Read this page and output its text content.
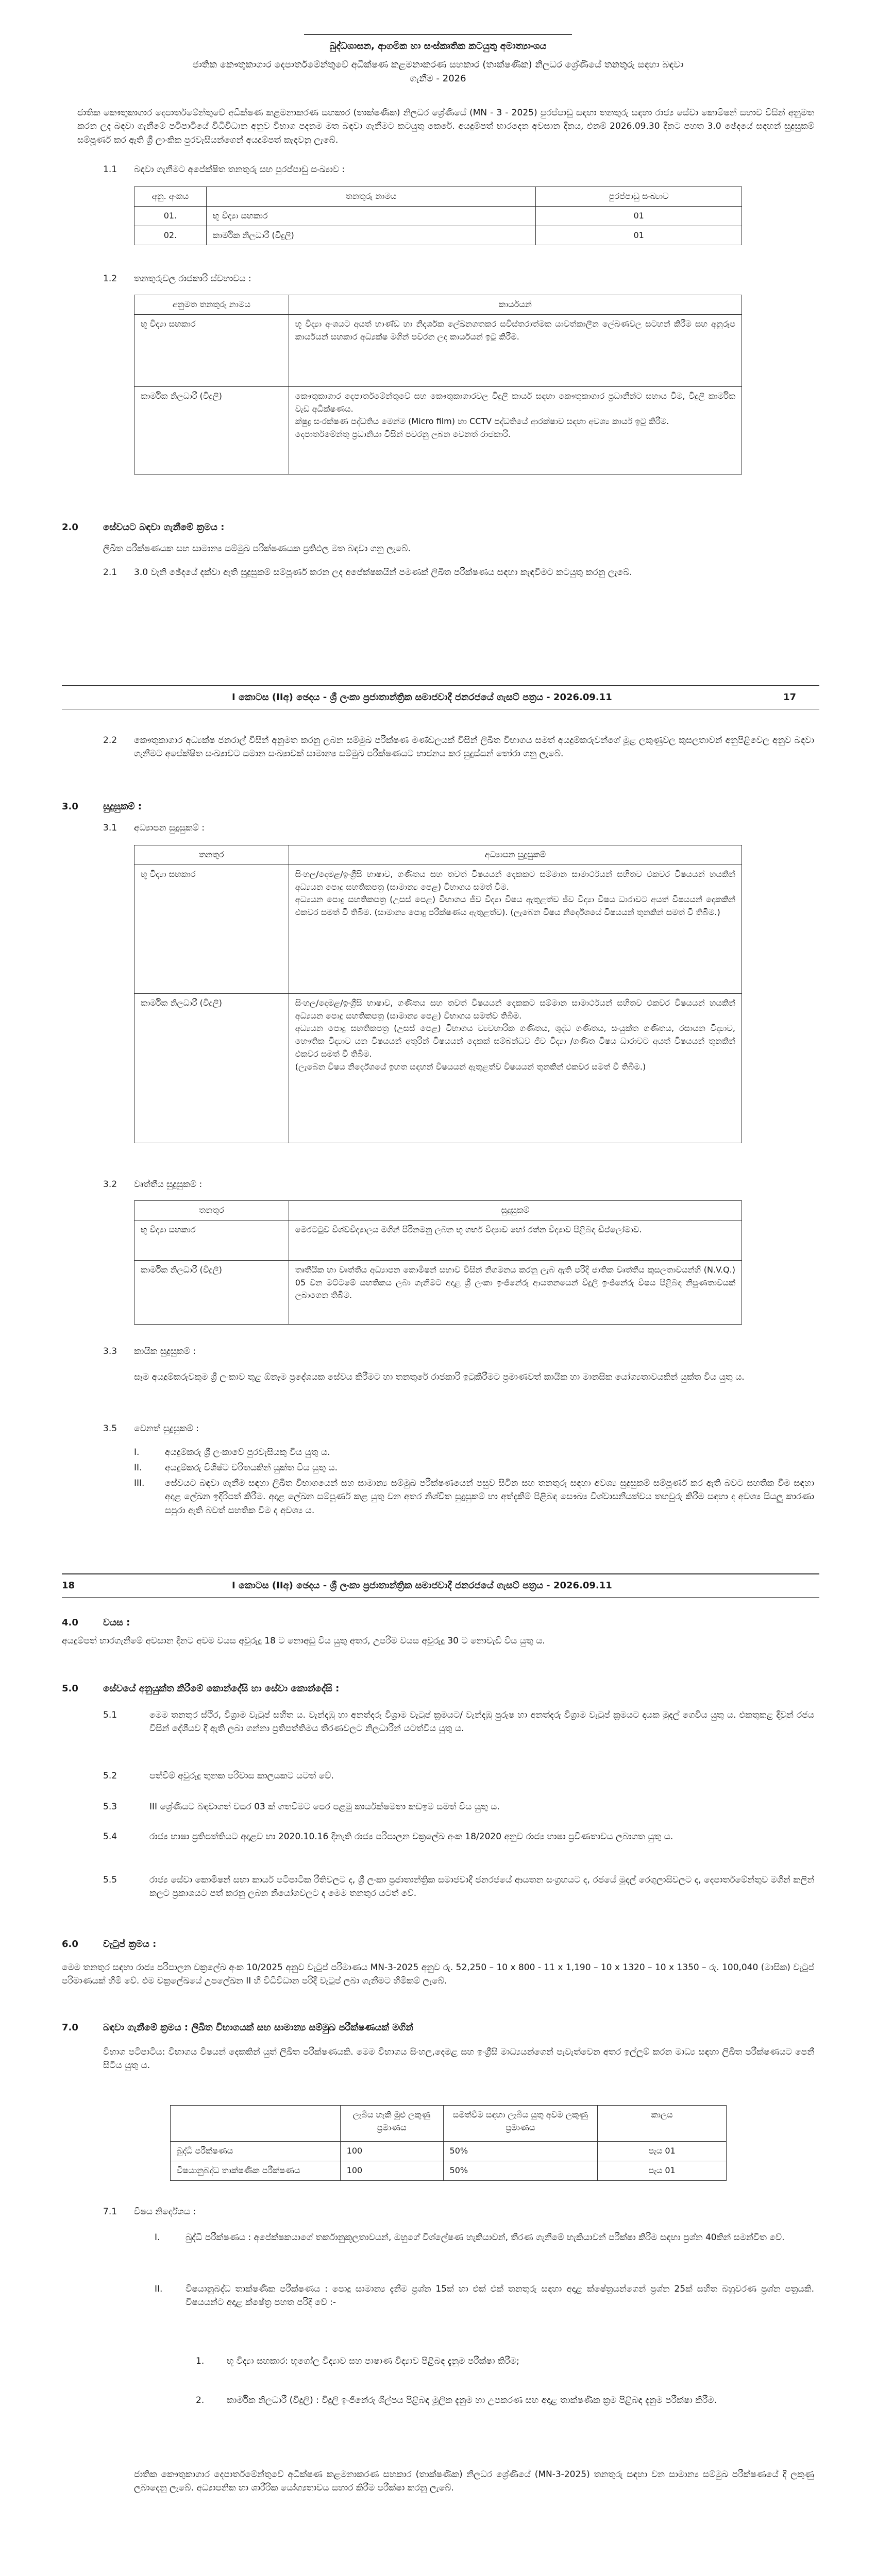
බුද්ධශාසන, ආගමික හා සංස්කෘතික කටයුතු අමාත්‍යාංශය
ජාතික කෞතුකාගාර දෙපාර්තමේන්තුවේ අධීක්ෂණ කළමනාකරණ සහකාර (තාක්ෂණික) නිලධර ශ්‍රේණියේ තනතුරු සඳහා බඳවා ගැනීම - 2026
ජාතික කෞතුකාගාර දෙපාර්තමේන්තුවේ අධීක්ෂණ කළමනාකරණ සහකාර (තාක්ෂණික) නිලධර ශ්‍රේණියේ (MN - 3 - 2025) පුරප්පාඩු සඳහා තනතුරු සඳහා රාජ්‍ය සේවා කොමිෂන් සභාව විසින් අනුමත කරන ලද බඳවා ගැනීමේ පටිපාටියේ විධිවිධාන අනුව විභාග පදනම මත බඳවා ගැනීමට කටයුතු කෙරේ. අයදුම්පත් භාරදෙන අවසාන දිනය, එනම් 2026.09.30 දිනට පහත 3.0 ඡේදයේ සඳහන් සුදුසුකම් සම්පූර්ණ කර ඇති ශ්‍රී ලාංකික පුරවැසියන්ගෙන් අයදුම්පත් කැඳවනු ලැබේ.
1.1 බඳවා ගැනීමට අපේක්ෂිත තනතුරු සහ පුරප්පාඩු සංඛ්‍යාව :
අනු. අංකය	තනතුරු නාමය	පුරප්පාඩු සංඛ්‍යාව
01.	භූ විද්‍යා සහකාර	01
02.	කාර්මික නිලධාරී (විදුලි)	01
1.2 තනතුරුවල රාජකාරි ස්වභාවය :
අනුමත තනතුරු නාමය	කාර්යයන්
භූ විද්‍යා සහකාර	භූ විද්‍යා අංශයට අයත් භාණ්ඩ හා නිදර්ශක ලේඛනගතකර සවිස්තරාත්මක යාවත්කාලීන ලේඛණවල සටහන් කිරීම සහ අනුරූප කාර්යයන් සහකාර අධ්‍යක්ෂ මගින් පවරන ලද කාර්යයන් ඉටු කිරීම.
කාර්මික නිලධාරී (විදුලි)	කෞතුකාගාර දෙපාර්තමේන්තුවේ සහ කෞතුකාගාරවල විදුලි කාර්ය සඳහා කෞතුකාගාර ප්‍රධානීන්ට සහාය වීම, විදුලි කාර්මික වැඩ අධීක්ෂණය.
ක්ෂුද්‍ර සංරක්ෂණ පද්ධතිය මෙන්ම (Micro film) හා CCTV පද්ධතියේ ආරක්ෂාව සඳහා අවශ්‍ය කාර්ය ඉටු කිරීම.
දෙපාර්තමේන්තු ප්‍රධානියා විසින් පවරනු ලබන වෙනත් රාජකාරි.
2.0	සේවයට බඳවා ගැනීමේ ක්‍රමය :
ලිඛිත පරීක්ෂණයක සහ සාමාන්‍ය සම්මුඛ පරීක්ෂණයක ප්‍රතිඵල මත බඳවා ගනු ලැබේ.
2.1 3.0 වැනි ඡේදයේ දක්වා ඇති සුදුසුකම් සම්පූර්ණ කරන ලද අපේක්ෂකයින් පමණක් ලිඛිත පරීක්ෂණය සඳහා කැඳවීමට කටයුතු කරනු ලැබේ.
I කොටස (IIඅ) ඡෙදය - ශ්‍රී ලංකා ප්‍රජාතාන්ත්‍රික සමාජවාදී ජනරජයේ ගැසට් පත්‍රය - 2026.09.11	17
2.2 කෞතුකාගාර අධ්‍යක්ෂ ජනරාල් විසින් අනුමත කරනු ලබන සම්මුඛ පරීක්ෂණ මණ්ඩලයක් විසින් ලිඛිත විභාගය සමත් අයදුම්කරුවන්ගේ මූළ ලකුණුවල කුසලතාවන් අනුපිළිවෙල අනුව බඳවා ගැනීමට අපේක්ෂිත සංඛ්‍යාවට සමාන සංඛ්‍යාවක් සාමාන්‍ය සම්මුඛ පරීක්ෂණයට භාජනය කර සුදුස්සන් තෝරා ගනු ලැබේ.
3.0	සුදුසුකම් :
3.1 අධ්‍යාපන සුදුසුකම් :
තනතුර	අධ්‍යාපන සුදුසුකම්
භූ විද්‍යා සහකාර	සිංහල/දෙමළ/ඉංග්‍රීසි භාෂාව, ගණිතය සහ තවත් විෂයයන් දෙකකට සම්මාන සාමාර්ථයන් සහිතව එකවර විෂයයන් හයකින් අධ්‍යයන පොදු සහතිකපත්‍ර (සාමාන්‍ය පෙළ) විභාගය සමත් වීම.
අධ්‍යයන පොදු සහතිකපත්‍ර (උසස් පෙළ) විභාගය ජීව විද්‍යා විෂය ඇතුළත්ව ජීව විද්‍යා විෂය ධාරාවට අයත් විෂයයන් දෙකකින් එකවර සමත් වී තිබීම. (සාමාන්‍ය පොදු පරීක්ෂණය ඇතුළත්ව). (ලැබෙන විෂය නිර්දේශයේ විෂයයන් තුනකින් සමත් වී තිබීම.)
කාර්මික නිලධාරී (විදුලි)	සිංහල/දෙමළ/ඉංග්‍රීසි භාෂාව, ගණිතය සහ තවත් විෂයයන් දෙකකට සම්මාන සාමාර්ථයන් සහිතව එකවර විෂයයන් හයකින් අධ්‍යයන පොදු සහතිකපත්‍ර (සාමාන්‍ය පෙළ) විභාගය සමත්ව තිබීම.
අධ්‍යයන පොදු සහතිකපත්‍ර (උසස් පෙළ) විභාගය ව්‍යවහාරික ගණිතය, ශුද්ධ ගණිතය, සංයුක්ත ගණිතය, රසායන විද්‍යාව, භෞතික විද්‍යාව යන විෂයයන් අතුරින් විෂයයන් දෙකක් සම්බන්ධව ජීව විද්‍යා /ගණිත විෂය ධාරාවට අයත් විෂයයන් තුනකින් එකවර සමත් වී තිබීම.
(ලැබෙන විෂය නිර්දේශයේ ඉහත සඳහන් විෂයයන් ඇතුළත්ව විෂයයන් තුනකින් එකවර සමත් වී තිබීම.)
3.2 වෘත්තීය සුදුසුකම් :
තනතුර	සුදුසුකම්
භූ විද්‍යා සහකාර	මෙරටටුව විශ්වවිද්‍යාලය මගින් පිරිනමනු ලබන භූ ගර්භ විද්‍යාව හෝ රත්න විද්‍යාව පිළිබඳ ඩිප්ලෝමාව.
කාර්මික නිලධාරී (විදුලි)	තෘතීයික හා වෘත්තීය අධ්‍යාපන කොමිෂන් සභාව විසින් නිගමනය කරනු ලැබ ඇති පරිදි ජාතික වෘත්තීය කුසලතාවයන්හි (N.V.Q.) 05 වන මට්ටමේ සහතිකය ලබා ගැනීමට අදාළ ශ්‍රී ලංකා ඉංජිනේරු ආයතනයෙන් විදුලි ඉංජිනේරු විෂය පිළිබඳ නිපුණතාවයක් ලබාගෙන තිබීම.
3.3 කායික සුදුසුකම් :
සෑම අයදුම්කරුවකුම ශ්‍රී ලංකාව තුළ ඕනෑම ප්‍රදේශයක සේවය කිරීමට හා තනතුරේ රාජකාරි ඉටුකිරීමට ප්‍රමාණවත් කායික හා මානසික යෝග්‍යතාවයකින් යුක්ත විය යුතු ය.
3.5 වෙනත් සුදුසුකම් :
I.	අයදුම්කරු ශ්‍රී ලංකාවේ පුරවැසියකු විය යුතු ය.
II.	අයදුම්කරු විශිෂ්ට චරිතයකින් යුක්ත විය යුතු ය.
III. සේවයට බඳවා ගැනීම සඳහා ලිඛිත විභාගයෙන් සහ සාමාන්‍ය සම්මුඛ පරීක්ෂණයෙන් පසුව සිටින සහ තනතුරු සඳහා අවශ්‍ය සුදුසුකම් සම්පූර්ණ කර ඇති බවට සහතික වීම සඳහා අදාළ ලේඛන ඉදිරිපත් කිරීම. අදාළ ලේඛන සම්පූර්ණ කළ යුතු වන අතර නිශ්චිත සුදුසුකම් හා අත්දැකීම් පිළිබඳ සෞඛ්‍ය විශ්වාසනීයත්වය තහවුරු කිරීම සඳහා ද අවශ්‍ය සියලු කාරණා සපුරා ඇති බවත් සහතික වීම ද අවශ්‍ය ය.
18	I කොටස (IIඅ) ඡෙදය - ශ්‍රී ලංකා ප්‍රජාතාන්ත්‍රික සමාජවාදී ජනරජයේ ගැසට් පත්‍රය - 2026.09.11
4.0	වයස :
අයදුම්පත් භාරගැනීමේ අවසාන දිනට අවම වයස අවුරුදු 18 ට නොඅඩු විය යුතු අතර, උපරිම වයස අවුරුදු 30 ට නොවැඩි විය යුතු ය.
5.0	සේවයේ අනුයුක්ත කිරීමේ කොන්දේසි හා සේවා කොන්දේසි :
5.1	මෙම තනතුර ස්ථිර, විශ්‍රාම වැටුප් සහිත ය. වැන්දඹු හා අනත්දරු විශ්‍රාම වැටුප් ක්‍රමයට/ වැන්දඹු පුරුෂ හා අනත්දරු විශ්‍රාම වැටුප් ක්‍රමයට දායක මුදල් ගෙවිය යුතු ය. එකතුකළ දිවුන් රජය විසින් දේශීයව දී ඇති ලබා ගන්නා ප්‍රතිපත්තිමය තීරණවලට නිලධාරීන් යටත්විය යුතු ය.
5.2	පත්වීම් අවුරුදු තුනක පරිවාස කාලයකට යටත් වේ.
5.3	III ශ්‍රේණියට බඳවාගත් වසර 03 ක් ගතවීමට පෙර පළමු කාර්යක්ෂමතා කඩඉම සමත් විය යුතු ය.
5.4	රාජ්‍ය භාෂා ප්‍රතිපත්තියට අදාළව හා 2020.10.16 දිනැති රාජ්‍ය පරිපාලන චක්‍රලේඛ අංක 18/2020 අනුව රාජ්‍ය භාෂා ප්‍රවීණතාවය ලබාගත යුතු ය.
5.5	රාජ්‍ය සේවා කොමිෂන් සභා කාර්ය පටිපාටික රීතිවලට ද, ශ්‍රී ලංකා ප්‍රජාතාන්ත්‍රික සමාජවාදී ජනරජයේ ආයතන සංග්‍රහයට ද, රජයේ මුදල් රෙගුලාසිවලට ද, දෙපාර්තමේන්තුව මගින් කලින් කලට ප්‍රකාශයට පත් කරනු ලබන නියෝගවලට ද මෙම තනතුර යටත් වේ.
6.0	වැටුප් ක්‍රමය :
මෙම තනතුර සඳහා රාජ්‍ය පරිපාලන චක්‍රලේඛ අංක 10/2025 අනුව වැටුප් පරිමාණය MN-3-2025 අනුව රු. 52,250 – 10 x 800 - 11 x 1,190 – 10 x 1320 – 10 x 1350 – රු. 100,040 (මාසික) වැටුප් පරිමාණයක් හිමි වේ. එම චක්‍රලේඛයේ උපලේඛන II හි විධිවිධාන පරිදි වැටුප් ලබා ගැනීමට හිමිකම් ලැබේ.
7.0	බඳවා ගැනීමේ ක්‍රමය : ලිඛිත විභාගයක් සහ සාමාන්‍ය සම්මුඛ පරීක්ෂණයක් මගින්
විභාග පටිපාටිය: විභාගය විෂයන් දෙකකින් යුත් ලිඛිත පරීක්ෂණයකි. මෙම විභාගය සිංහල,දෙමළ සහ ඉංග්‍රීසි මාධ්‍යයන්ගෙන් පැවැත්වෙන අතර ඉල්ලුම් කරන මාධ්‍ය සඳහා ලිඛිත පරීක්ෂණයට පෙනී සිටිය යුතු ය.
	ලැබිය හැකි මුළු ලකුණු ප්‍රමාණය	සමත්වීම සඳහා ලැබිය යුතු අවම ලකුණු ප්‍රමාණය	කාලය
බුද්ධි පරීක්ෂණය	100	50%	පැය 01
විෂයානුබද්ධ තාක්ෂණික පරීක්ෂණය	100	50%	පැය 01
7.1 විෂය නිර්දේශය :
I.	බුද්ධි පරීක්ෂණය : අපේක්ෂකයාගේ තර්කානුකූලතාවයන්, ඔහුගේ විශ්ලේෂණ හැකියාවන්, තීරණ ගැනීමේ හැකියාවන් පරීක්ෂා කිරීම සඳහා ප්‍රශ්න 40කින් සමන්විත වේ.
II.	විෂයානුබද්ධ තාක්ෂණික පරීක්ෂණය : පොදු සාමාන්‍ය දැනීම ප්‍රශ්න 15ක් හා එක් එක් තනතුරු සඳහා අදාළ ක්ෂේත්‍රයන්ගෙන් ප්‍රශ්න 25ක් සහිත බහුවරණ ප්‍රශ්න පත්‍රයකි. විෂයයන්ට අදාළ ක්ෂේත්‍ර පහත පරිදි වේ :-
1.	භූ විද්‍යා සහකාර: භූගෝල විද්‍යාව සහ පාෂාණ විද්‍යාව පිළිබඳ දැනුම පරීක්ෂා කිරීම;
2.	කාර්මික නිලධාරී (විදුලි) : විදුලි ඉංජිනේරු ශිල්පය පිළිබඳ මූලික දැනුම හා උපකරණ සහ අදාළ තාක්ෂණික ක්‍රම පිළිබඳ දැනුම පරීක්ෂා කිරීම.
ජාතික කෞතුකාගාර දෙපාර්තමේන්තුවේ අධීක්ෂණ කළමනාකරණ සහකාර (තාක්ෂණික) නිලධර ශ්‍රේණියේ (MN-3-2025) තනතුරු සඳහා වන සාමාන්‍ය සම්මුඛ පරීක්ෂණයේ දී ලකුණු ලබාදෙනු ලැබේ. අධ්‍යාපනික හා ශාරීරික යෝග්‍යතාවය සහාර කිරීම පරීක්ෂා කරනු ලැබේ.
